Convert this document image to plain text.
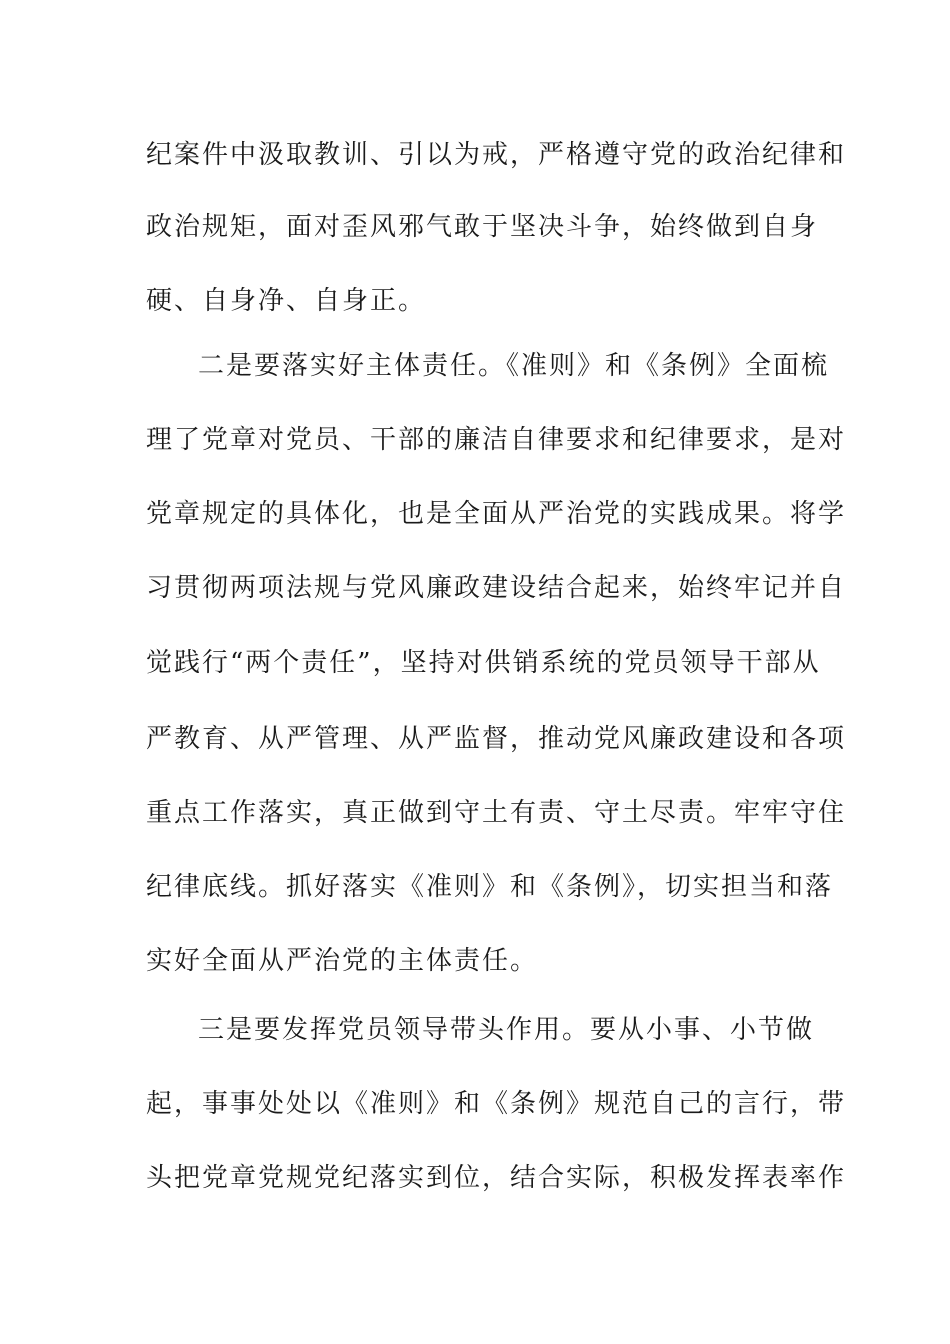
纪案件中汲取教训、引以为戒，严格遵守党的政治纪律和
政治规矩，面对歪风邪气敢于坚决斗争，始终做到自身
硬、自身净、自身正。
二是要落实好主体责任。《准则》和《条例》全面梳
理了党章对党员、干部的廉洁自律要求和纪律要求，是对
党章规定的具体化，也是全面从严治党的实践成果。将学
习贯彻两项法规与党风廉政建设结合起来，始终牢记并自
觉践行“两个责任”，坚持对供销系统的党员领导干部从
严教育、从严管理、从严监督，推动党风廉政建设和各项
重点工作落实，真正做到守土有责、守土尽责。牢牢守住
纪律底线。抓好落实《准则》和《条例》，切实担当和落
实好全面从严治党的主体责任。
三是要发挥党员领导带头作用。要从小事、小节做
起，事事处处以《准则》和《条例》规范自己的言行，带
头把党章党规党纪落实到位，结合实际，积极发挥表率作
